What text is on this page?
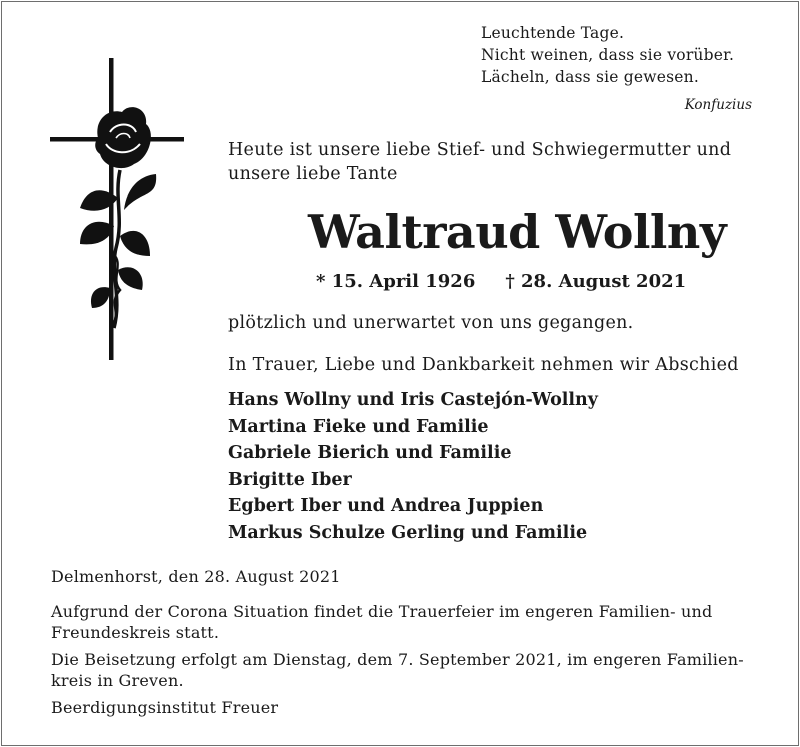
Leuchtende Tage.
Nicht weinen, dass sie vorüber.
Lächeln, dass sie gewesen.
Konfuzius
Heute ist unsere liebe Stief- und Schwiegermutter und
unsere liebe Tante
Waltraud Wollny
* 15. April 1926 † 28. August 2021
plötzlich und unerwartet von uns gegangen.
In Trauer, Liebe und Dankbarkeit nehmen wir Abschied
Hans Wollny und Iris Castejón-Wollny
Martina Fieke und Familie
Gabriele Bierich und Familie
Brigitte Iber
Egbert Iber und Andrea Juppien
Markus Schulze Gerling und Familie

Delmenhorst, den 28. August 2021

Aufgrund der Corona Situation findet die Trauerfeier im engeren Familien- und
Freundeskreis statt.

Die Beisetzung erfolgt am Dienstag, dem 7. September 2021, im engeren Familien-
kreis in Greven.

Beerdigungsinstitut Freuer
